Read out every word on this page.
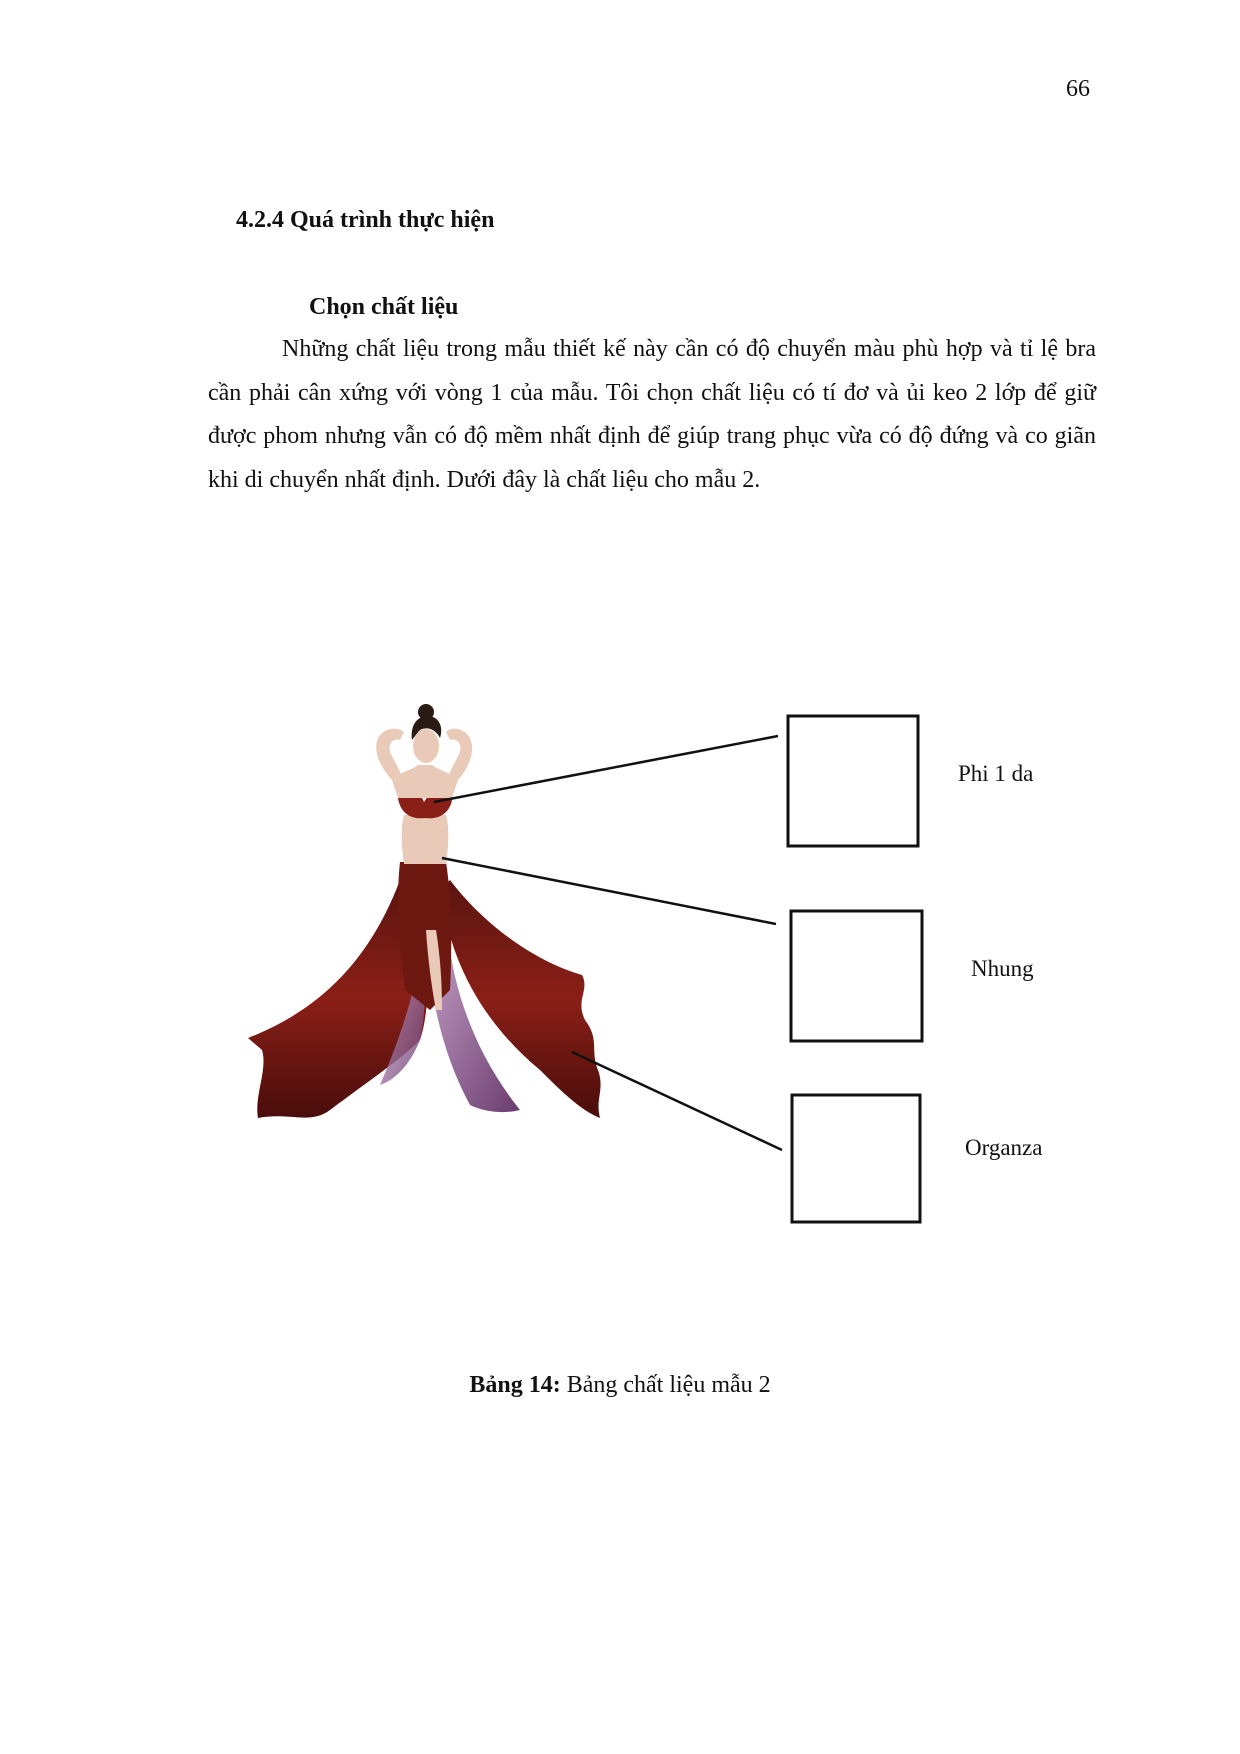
66
4.2.4 Quá trình thực hiện
Chọn chất liệu

Những chất liệu trong mẫu thiết kế này cần có độ chuyển màu phù hợp và tỉ lệ bra cần phải cân xứng với vòng 1 của mẫu. Tôi chọn chất liệu có tí đơ và ủi keo 2 lớp để giữ được phom nhưng vẫn có độ mềm nhất định để giúp trang phục vừa có độ đứng và co giãn khi di chuyển nhất định. Dưới đây là chất liệu cho mẫu 2.

Phi 1 da
Nhung
Organza

Bảng 14: Bảng chất liệu mẫu 2
